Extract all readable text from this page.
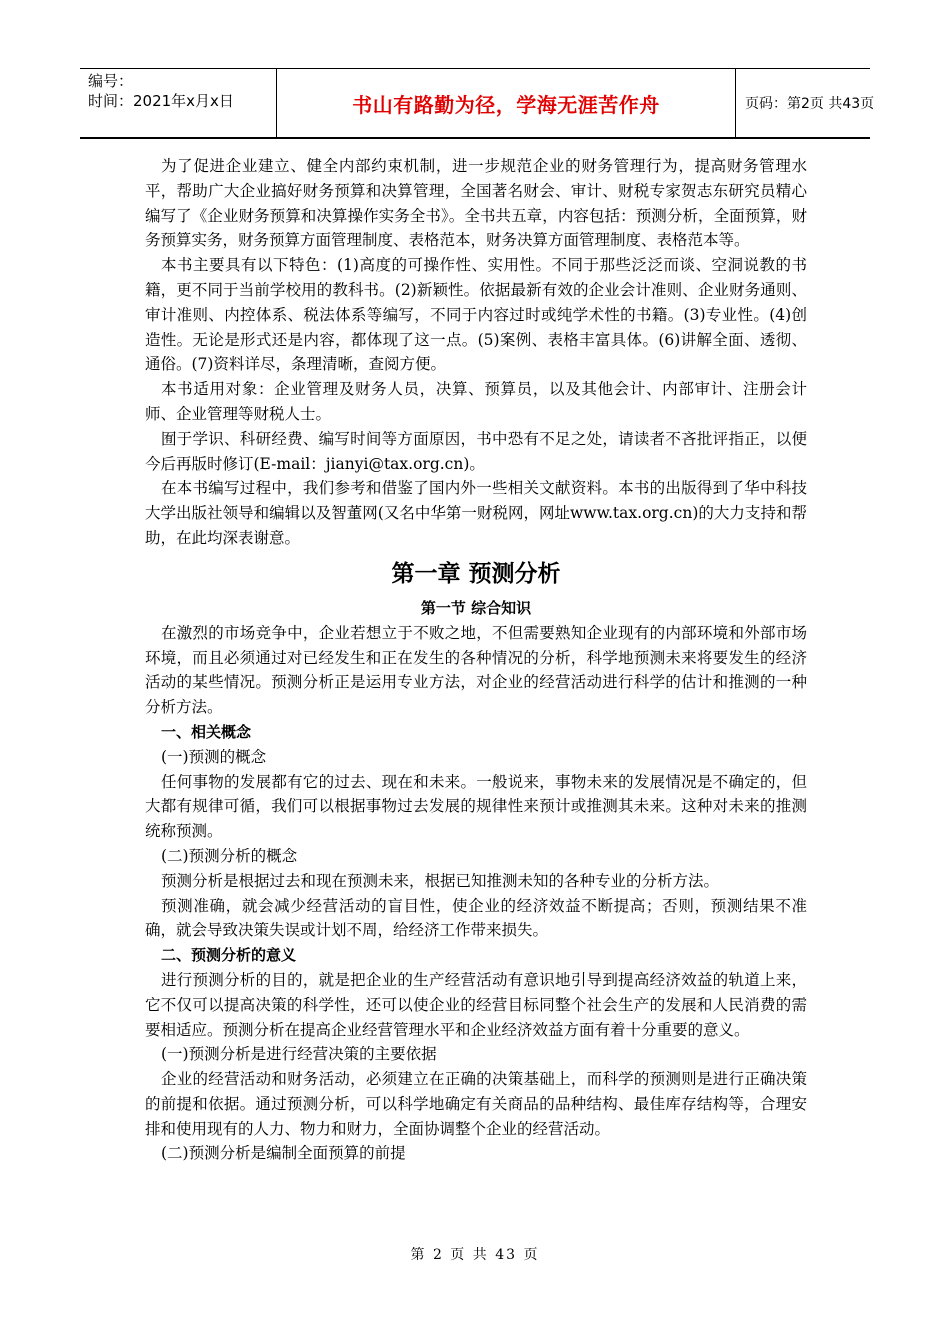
编号：
时间：2021年x月x日	书山有路勤为径，学海无涯苦作舟	页码：第2页 共43页

为了促进企业建立、健全内部约束机制，进一步规范企业的财务管理行为，提高财务管理水平，帮助广大企业搞好财务预算和决算管理，全国著名财会、审计、财税专家贺志东研究员精心编写了《企业财务预算和决算操作实务全书》。全书共五章，内容包括：预测分析，全面预算，财务预算实务，财务预算方面管理制度、表格范本，财务决算方面管理制度、表格范本等。

本书主要具有以下特色：(1)高度的可操作性、实用性。不同于那些泛泛而谈、空洞说教的书籍，更不同于当前学校用的教科书。(2)新颖性。依据最新有效的企业会计准则、企业财务通则、审计准则、内控体系、税法体系等编写，不同于内容过时或纯学术性的书籍。(3)专业性。(4)创造性。无论是形式还是内容，都体现了这一点。(5)案例、表格丰富具体。(6)讲解全面、透彻、通俗。(7)资料详尽，条理清晰，查阅方便。

本书适用对象：企业管理及财务人员，决算、预算员，以及其他会计、内部审计、注册会计师、企业管理等财税人士。

囿于学识、科研经费、编写时间等方面原因，书中恐有不足之处，请读者不吝批评指正，以便今后再版时修订(E-mail：jianyi@tax.org.cn)。

在本书编写过程中，我们参考和借鉴了国内外一些相关文献资料。本书的出版得到了华中科技大学出版社领导和编辑以及智董网(又名中华第一财税网，网址www.tax.org.cn)的大力支持和帮助，在此均深表谢意。

第一章 预测分析
第一节 综合知识

在激烈的市场竞争中，企业若想立于不败之地，不但需要熟知企业现有的内部环境和外部市场环境，而且必须通过对已经发生和正在发生的各种情况的分析，科学地预测未来将要发生的经济活动的某些情况。预测分析正是运用专业方法，对企业的经营活动进行科学的估计和推测的一种分析方法。

一、相关概念

(一)预测的概念

任何事物的发展都有它的过去、现在和未来。一般说来，事物未来的发展情况是不确定的，但大都有规律可循，我们可以根据事物过去发展的规律性来预计或推测其未来。这种对未来的推测统称预测。

(二)预测分析的概念

预测分析是根据过去和现在预测未来，根据已知推测未知的各种专业的分析方法。

预测准确，就会减少经营活动的盲目性，使企业的经济效益不断提高；否则，预测结果不准确，就会导致决策失误或计划不周，给经济工作带来损失。

二、预测分析的意义

进行预测分析的目的，就是把企业的生产经营活动有意识地引导到提高经济效益的轨道上来，它不仅可以提高决策的科学性，还可以使企业的经营目标同整个社会生产的发展和人民消费的需要相适应。预测分析在提高企业经营管理水平和企业经济效益方面有着十分重要的意义。

(一)预测分析是进行经营决策的主要依据

企业的经营活动和财务活动，必须建立在正确的决策基础上，而科学的预测则是进行正确决策的前提和依据。通过预测分析，可以科学地确定有关商品的品种结构、最佳库存结构等，合理安排和使用现有的人力、物力和财力，全面协调整个企业的经营活动。

(二)预测分析是编制全面预算的前提

第 2 页 共 43 页
